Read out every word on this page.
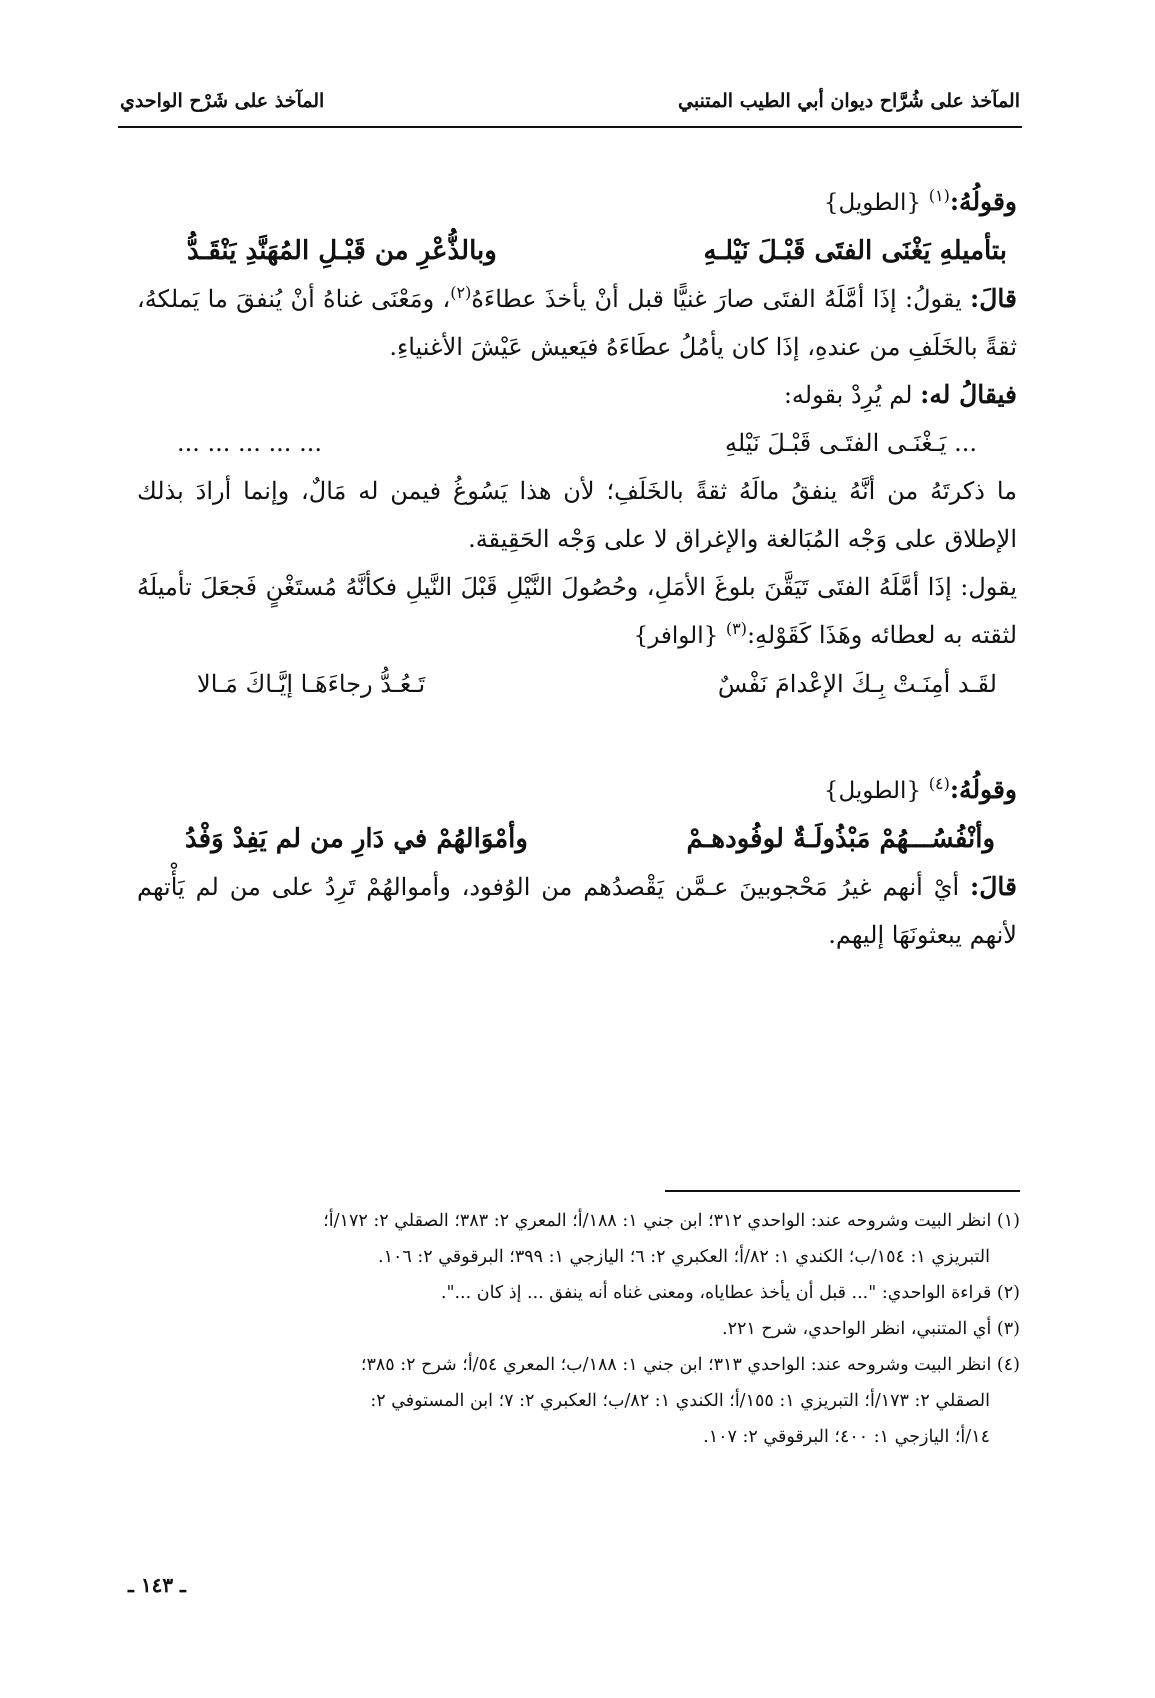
المآخذ على شُرَّاح ديوان أبي الطيب المتنبي
المآخذ على شَرْح الواحدي

وقولُهُ:$^{(١)}$ {الطويل}

بتأميلهِ يَغْنَى الفتَى قَبْـلَ نَيْلـهِ
وبالذُّعْرِ من قَبْـلِ المُهَنَّدِ يَنْقَـدُّ

قالَ: يقولُ: إذَا أمَّلَهُ الفتَى صارَ غنيًّا قبل أنْ يأخذَ عطاءَهُ$^{(٢)}$، ومَعْنَى غناهُ أنْ يُنفقَ ما يَملكهُ، ثقةً بالخَلَفِ من عندهِ، إذَا كان يأمُلُ عطَاءَهُ فيَعيش عَيْشَ الأغنياءِ.

فيقالُ له: لم يُرِدْ بقوله:

... يَـغْنَـى الفتَـى قَبْـلَ نَيْلهِ
... ... ... ... ...

ما ذكرتَهُ من أنَّهُ ينفقُ مالَهُ ثقةً بالخَلَفِ؛ لأن هذا يَسُوغُ فيمن له مَالٌ، وإنما أرادَ بذلك الإطلاق على وَجْه المُبَالغة والإغراق لا على وَجْه الحَقِيقة.

يقول: إذَا أمَّلَهُ الفتَى تَيَقَّنَ بلوغَ الأمَلِ، وحُصُولَ النَّيْلِ قَبْلَ النَّيلِ فكأنَّهُ مُستَغْنٍ فَجعَلَ تأميلَهُ لثقته به لعطائه وهَذَا كَقَوْلهِ:$^{(٣)}$ {الوافر}

لقَـد أمِنَـتْ بِـكَ الإعْدامَ نَفْسٌ
تَـعُـدُّ رجاءَهَـا إيَّـاكَ مَـالا

وقولُهُ:$^{(٤)}$ {الطويل}

وأنْفُسُـــهُمْ مَبْذُولَـةٌ لوفُودهـمْ
وأمْوَالهُمْ في دَارِ من لم يَفِدْ وَفْدُ

قالَ: أيْ أنهم غيرُ مَحْجوبينَ عـمَّن يَقْصدُهم من الوُفود، وأموالهُمْ تَرِدُ على من لم يَأْتهم لأنهم يبعثونَهَا إليهم.

(١) انظر البيت وشروحه عند: الواحدي ٣١٢؛ ابن جني ١: ١٨٨/أ؛ المعري ٢: ٣٨٣؛ الصقلي ٢: ١٧٢/أ؛

التبريزي ١: ١٥٤/ب؛ الكندي ١: ٨٢/أ؛ العكبري ٢: ٦؛ اليازجي ١: ٣٩٩؛ البرقوقي ٢: ١٠٦.

(٢) قراءة الواحدي: "... قبل أن يأخذ عطاياه، ومعنى غناه أنه ينفق ... إذ كان ...".

(٣) أي المتنبي، انظر الواحدي، شرح ٢٢١.

(٤) انظر البيت وشروحه عند: الواحدي ٣١٣؛ ابن جني ١: ١٨٨/ب؛ المعري ٥٤/أ؛ شرح ٢: ٣٨٥؛

الصقلي ٢: ١٧٣/أ؛ التبريزي ١: ١٥٥/أ؛ الكندي ١: ٨٢/ب؛ العكبري ٢: ٧؛ ابن المستوفي ٢:

١٤/أ؛ اليازجي ١: ٤٠٠؛ البرقوقي ٢: ١٠٧.

ـ ١٤٣ ـ
